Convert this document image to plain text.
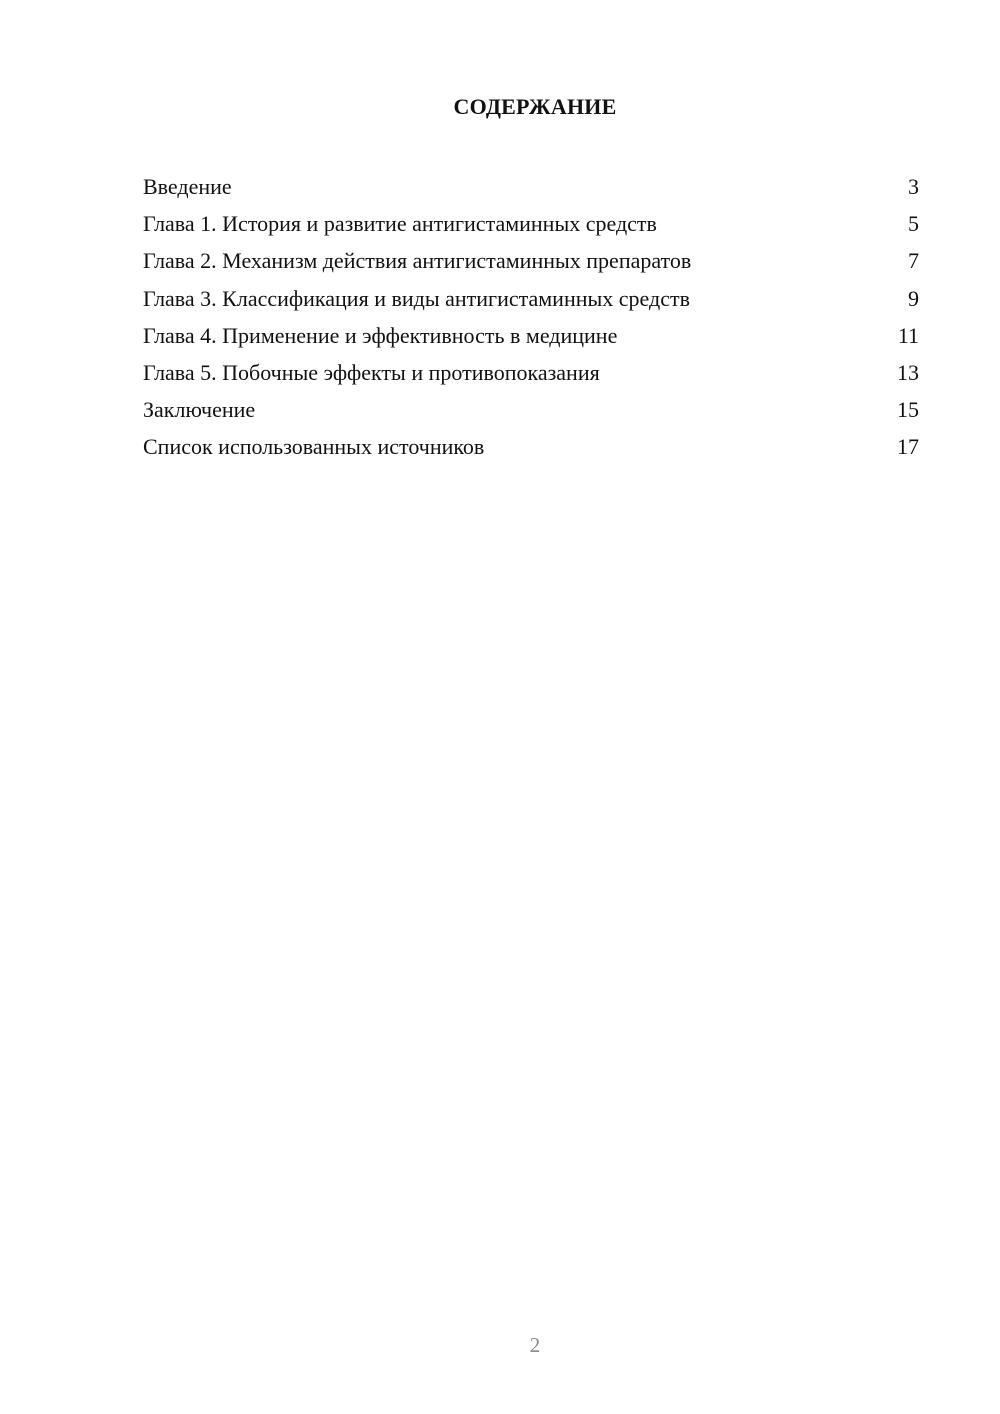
СОДЕРЖАНИЕ
Введение	3
Глава 1. История и развитие антигистаминных средств	5
Глава 2. Механизм действия антигистаминных препаратов	7
Глава 3. Классификация и виды антигистаминных средств	9
Глава 4. Применение и эффективность в медицине	11
Глава 5. Побочные эффекты и противопоказания	13
Заключение	15
Список использованных источников	17
2
